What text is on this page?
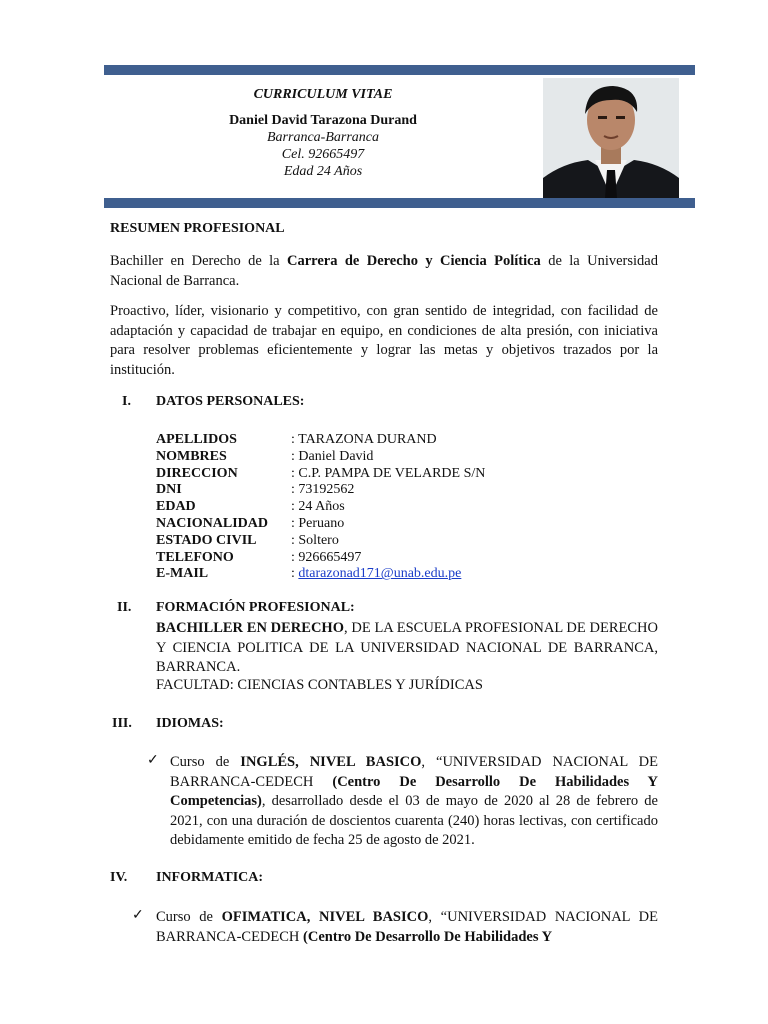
CURRICULUM VITAE
Daniel David Tarazona Durand
Barranca-Barranca
Cel. 92665497
Edad 24 Años
RESUMEN PROFESIONAL
Bachiller en Derecho de la Carrera de Derecho y Ciencia Política de la Universidad Nacional de Barranca.
Proactivo, líder, visionario y competitivo, con gran sentido de integridad, con facilidad de adaptación y capacidad de trabajar en equipo, en condiciones de alta presión, con iniciativa para resolver problemas eficientemente y lograr las metas y objetivos trazados por la institución.
I. DATOS PERSONALES:
APELLIDOS	: TARAZONA DURAND
NOMBRES	: Daniel David
DIRECCION	: C.P. PAMPA DE VELARDE S/N
DNI	: 73192562
EDAD	: 24 Años
NACIONALIDAD	: Peruano
ESTADO CIVIL	: Soltero
TELEFONO	: 926665497
E-MAIL	: dtarazonad171@unab.edu.pe
II. FORMACIÓN PROFESIONAL:
BACHILLER EN DERECHO, DE LA ESCUELA PROFESIONAL DE DERECHO Y CIENCIA POLITICA DE LA UNIVERSIDAD NACIONAL DE BARRANCA, BARRANCA.
FACULTAD: CIENCIAS CONTABLES Y JURÍDICAS
III. IDIOMAS:
✓ Curso de INGLÉS, NIVEL BASICO, “UNIVERSIDAD NACIONAL DE BARRANCA-CEDECH (Centro De Desarrollo De Habilidades Y Competencias), desarrollado desde el 03 de mayo de 2020 al 28 de febrero de 2021, con una duración de doscientos cuarenta (240) horas lectivas, con certificado debidamente emitido de fecha 25 de agosto de 2021.
IV. INFORMATICA:
✓ Curso de OFIMATICA, NIVEL BASICO, “UNIVERSIDAD NACIONAL DE BARRANCA-CEDECH (Centro De Desarrollo De Habilidades Y
